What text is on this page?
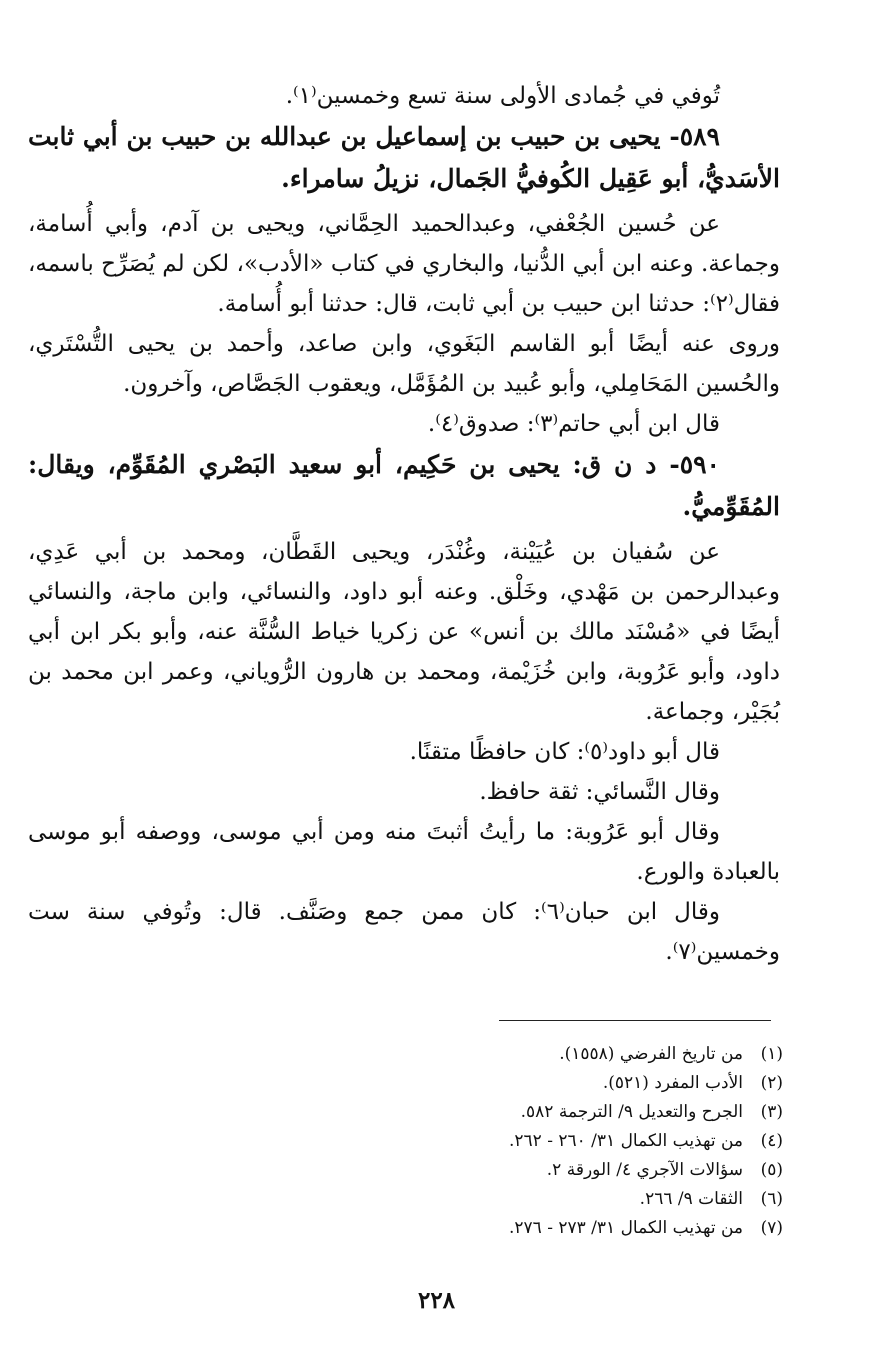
تُوفي في جُمادى الأولى سنة تسع وخمسين⁽١⁾.

٥٨٩- يحيى بن حبيب بن إسماعيل بن عبدالله بن حبيب بن أبي ثابت الأسَديُّ، أبو عَقِيل الكُوفيُّ الجَمال، نزيلُ سامراء.

عن حُسين الجُعْفي، وعبدالحميد الحِمَّاني، ويحيى بن آدم، وأبي أُسامة، وجماعة. وعنه ابن أبي الدُّنيا، والبخاري في كتاب «الأدب»، لكن لم يُصَرِّح باسمه، فقال⁽٢⁾: حدثنا ابن حبيب بن أبي ثابت، قال: حدثنا أبو أُسامة.

وروى عنه أيضًا أبو القاسم البَغَوي، وابن صاعد، وأحمد بن يحيى التُّسْتَري، والحُسين المَحَامِلي، وأبو عُبيد بن المُؤَمَّل، ويعقوب الجَصَّاص، وآخرون.

قال ابن أبي حاتم⁽٣⁾: صدوق⁽٤⁾.

٥٩٠- د ن ق: يحيى بن حَكِيم، أبو سعيد البَصْري المُقَوِّم، ويقال: المُقَوِّميُّ.

عن سُفيان بن عُيَيْنة، وغُنْدَر، ويحيى القَطَّان، ومحمد بن أبي عَدِي، وعبدالرحمن بن مَهْدي، وخَلْق. وعنه أبو داود، والنسائي، وابن ماجة، والنسائي أيضًا في «مُسْنَد مالك بن أنس» عن زكريا خياط السُّنَّة عنه، وأبو بكر ابن أبي داود، وأبو عَرُوبة، وابن خُزَيْمة، ومحمد بن هارون الرُّوياني، وعمر ابن محمد بن بُجَيْر، وجماعة.

قال أبو داود⁽٥⁾: كان حافظًا متقنًا.

وقال النَّسائي: ثقة حافظ.

وقال أبو عَرُوبة: ما رأيتُ أثبتَ منه ومن أبي موسى، ووصفه أبو موسى بالعبادة والورع.

وقال ابن حبان⁽٦⁾: كان ممن جمع وصَنَّف. قال: وتُوفي سنة ست وخمسين⁽٧⁾.

(١)
من تاريخ الفرضي (١٥٥٨).
(٢)
الأدب المفرد (٥٢١).
(٣)
الجرح والتعديل ٩/ الترجمة ٥٨٢.
(٤)
من تهذيب الكمال ٣١/ ٢٦٠ - ٢٦٢.
(٥)
سؤالات الآجري ٤/ الورقة ٢.
(٦)
الثقات ٩/ ٢٦٦.
(٧)
من تهذيب الكمال ٣١/ ٢٧٣ - ٢٧٦.
٢٢٨
